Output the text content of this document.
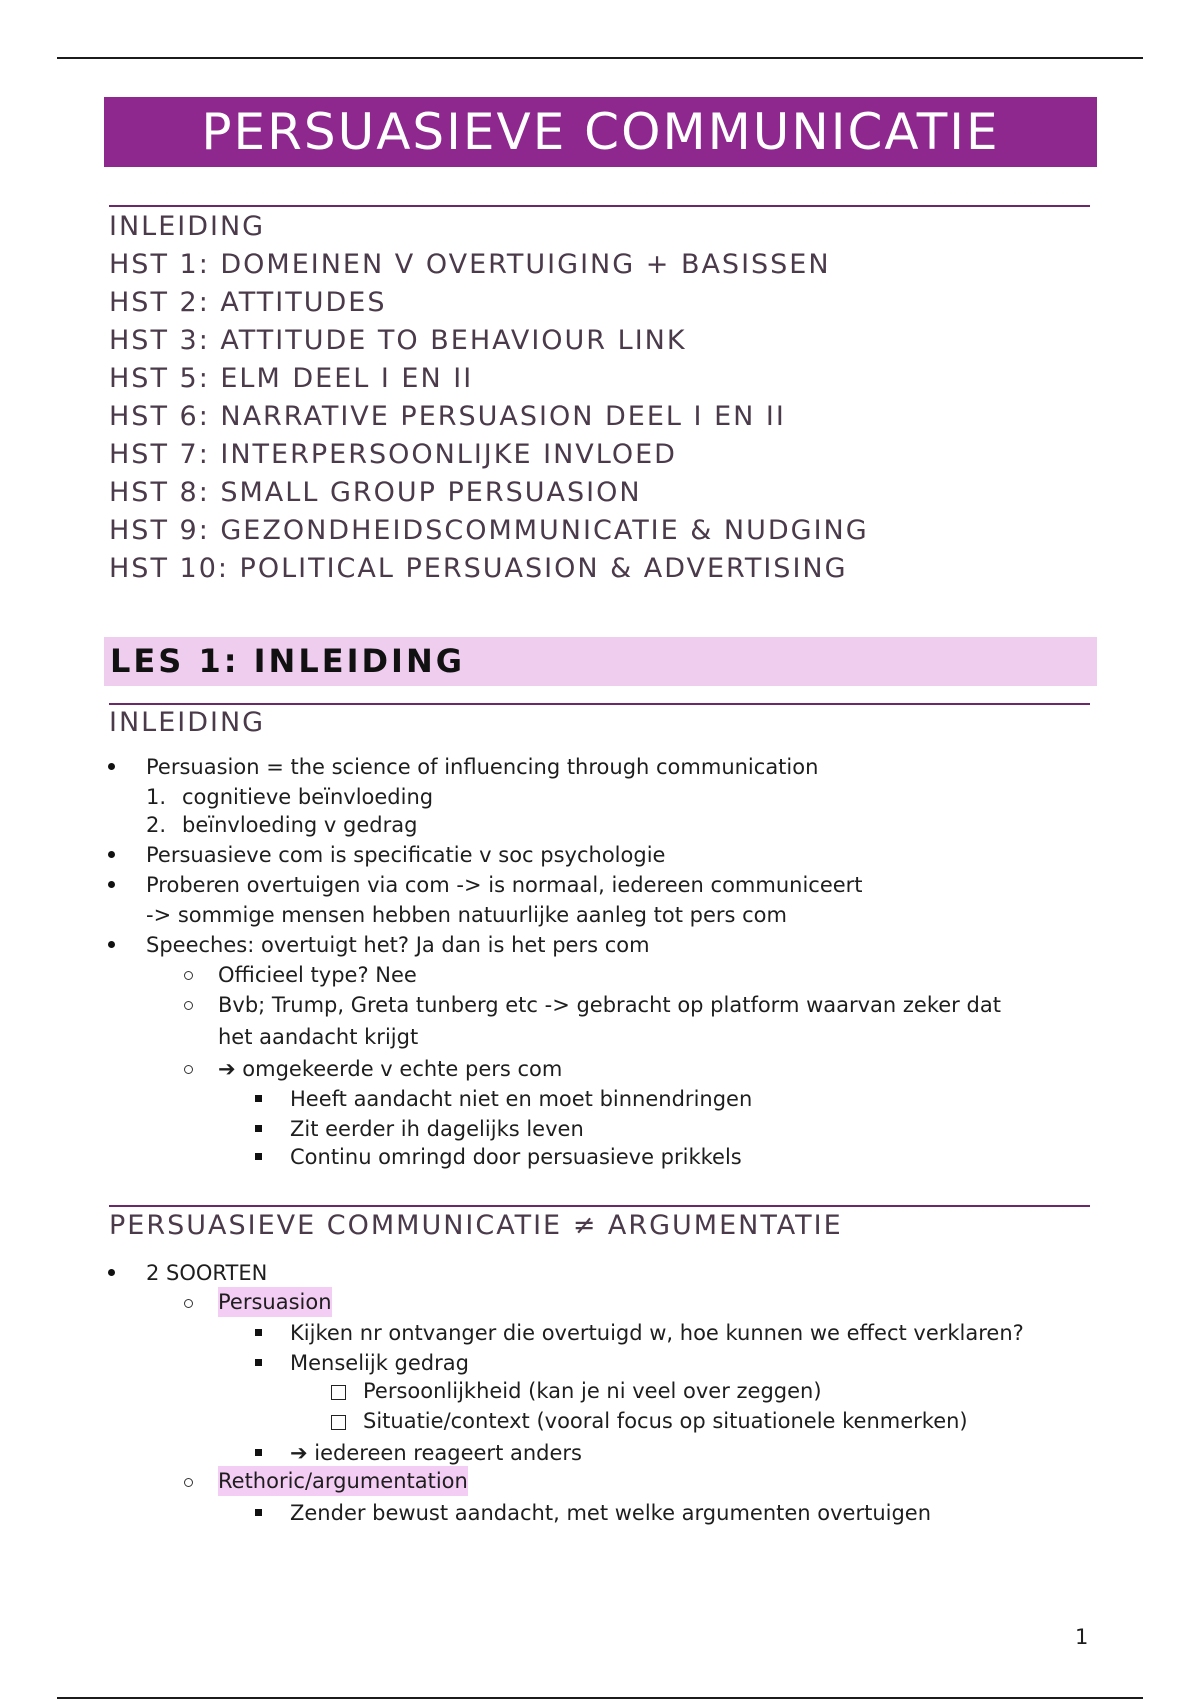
PERSUASIEVE COMMUNICATIE
INLEIDING
HST 1: DOMEINEN V OVERTUIGING + BASISSEN
HST 2: ATTITUDES
HST 3: ATTITUDE TO BEHAVIOUR LINK
HST 5: ELM DEEL I EN II
HST 6: NARRATIVE PERSUASION DEEL I EN II
HST 7: INTERPERSOONLIJKE INVLOED
HST 8: SMALL GROUP PERSUASION
HST 9: GEZONDHEIDSCOMMUNICATIE & NUDGING
HST 10: POLITICAL PERSUASION & ADVERTISING
LES 1: INLEIDING
INLEIDING
Persuasion = the science of influencing through communication
1. cognitieve beïnvloeding
2. beïnvloeding v gedrag
Persuasieve com is specificatie v soc psychologie
Proberen overtuigen via com -> is normaal, iedereen communiceert
-> sommige mensen hebben natuurlijke aanleg tot pers com
Speeches: overtuigt het? Ja dan is het pers com
Officieel type? Nee
Bvb; Trump, Greta tunberg etc -> gebracht op platform waarvan zeker dat
het aandacht krijgt
➔ omgekeerde v echte pers com
Heeft aandacht niet en moet binnendringen
Zit eerder ih dagelijks leven
Continu omringd door persuasieve prikkels
PERSUASIEVE COMMUNICATIE ≠ ARGUMENTATIE
2 SOORTEN
Persuasion
Kijken nr ontvanger die overtuigd w, hoe kunnen we effect verklaren?
Menselijk gedrag
Persoonlijkheid (kan je ni veel over zeggen)
Situatie/context (vooral focus op situationele kenmerken)
➔ iedereen reageert anders
Rethoric/argumentation
Zender bewust aandacht, met welke argumenten overtuigen
1
